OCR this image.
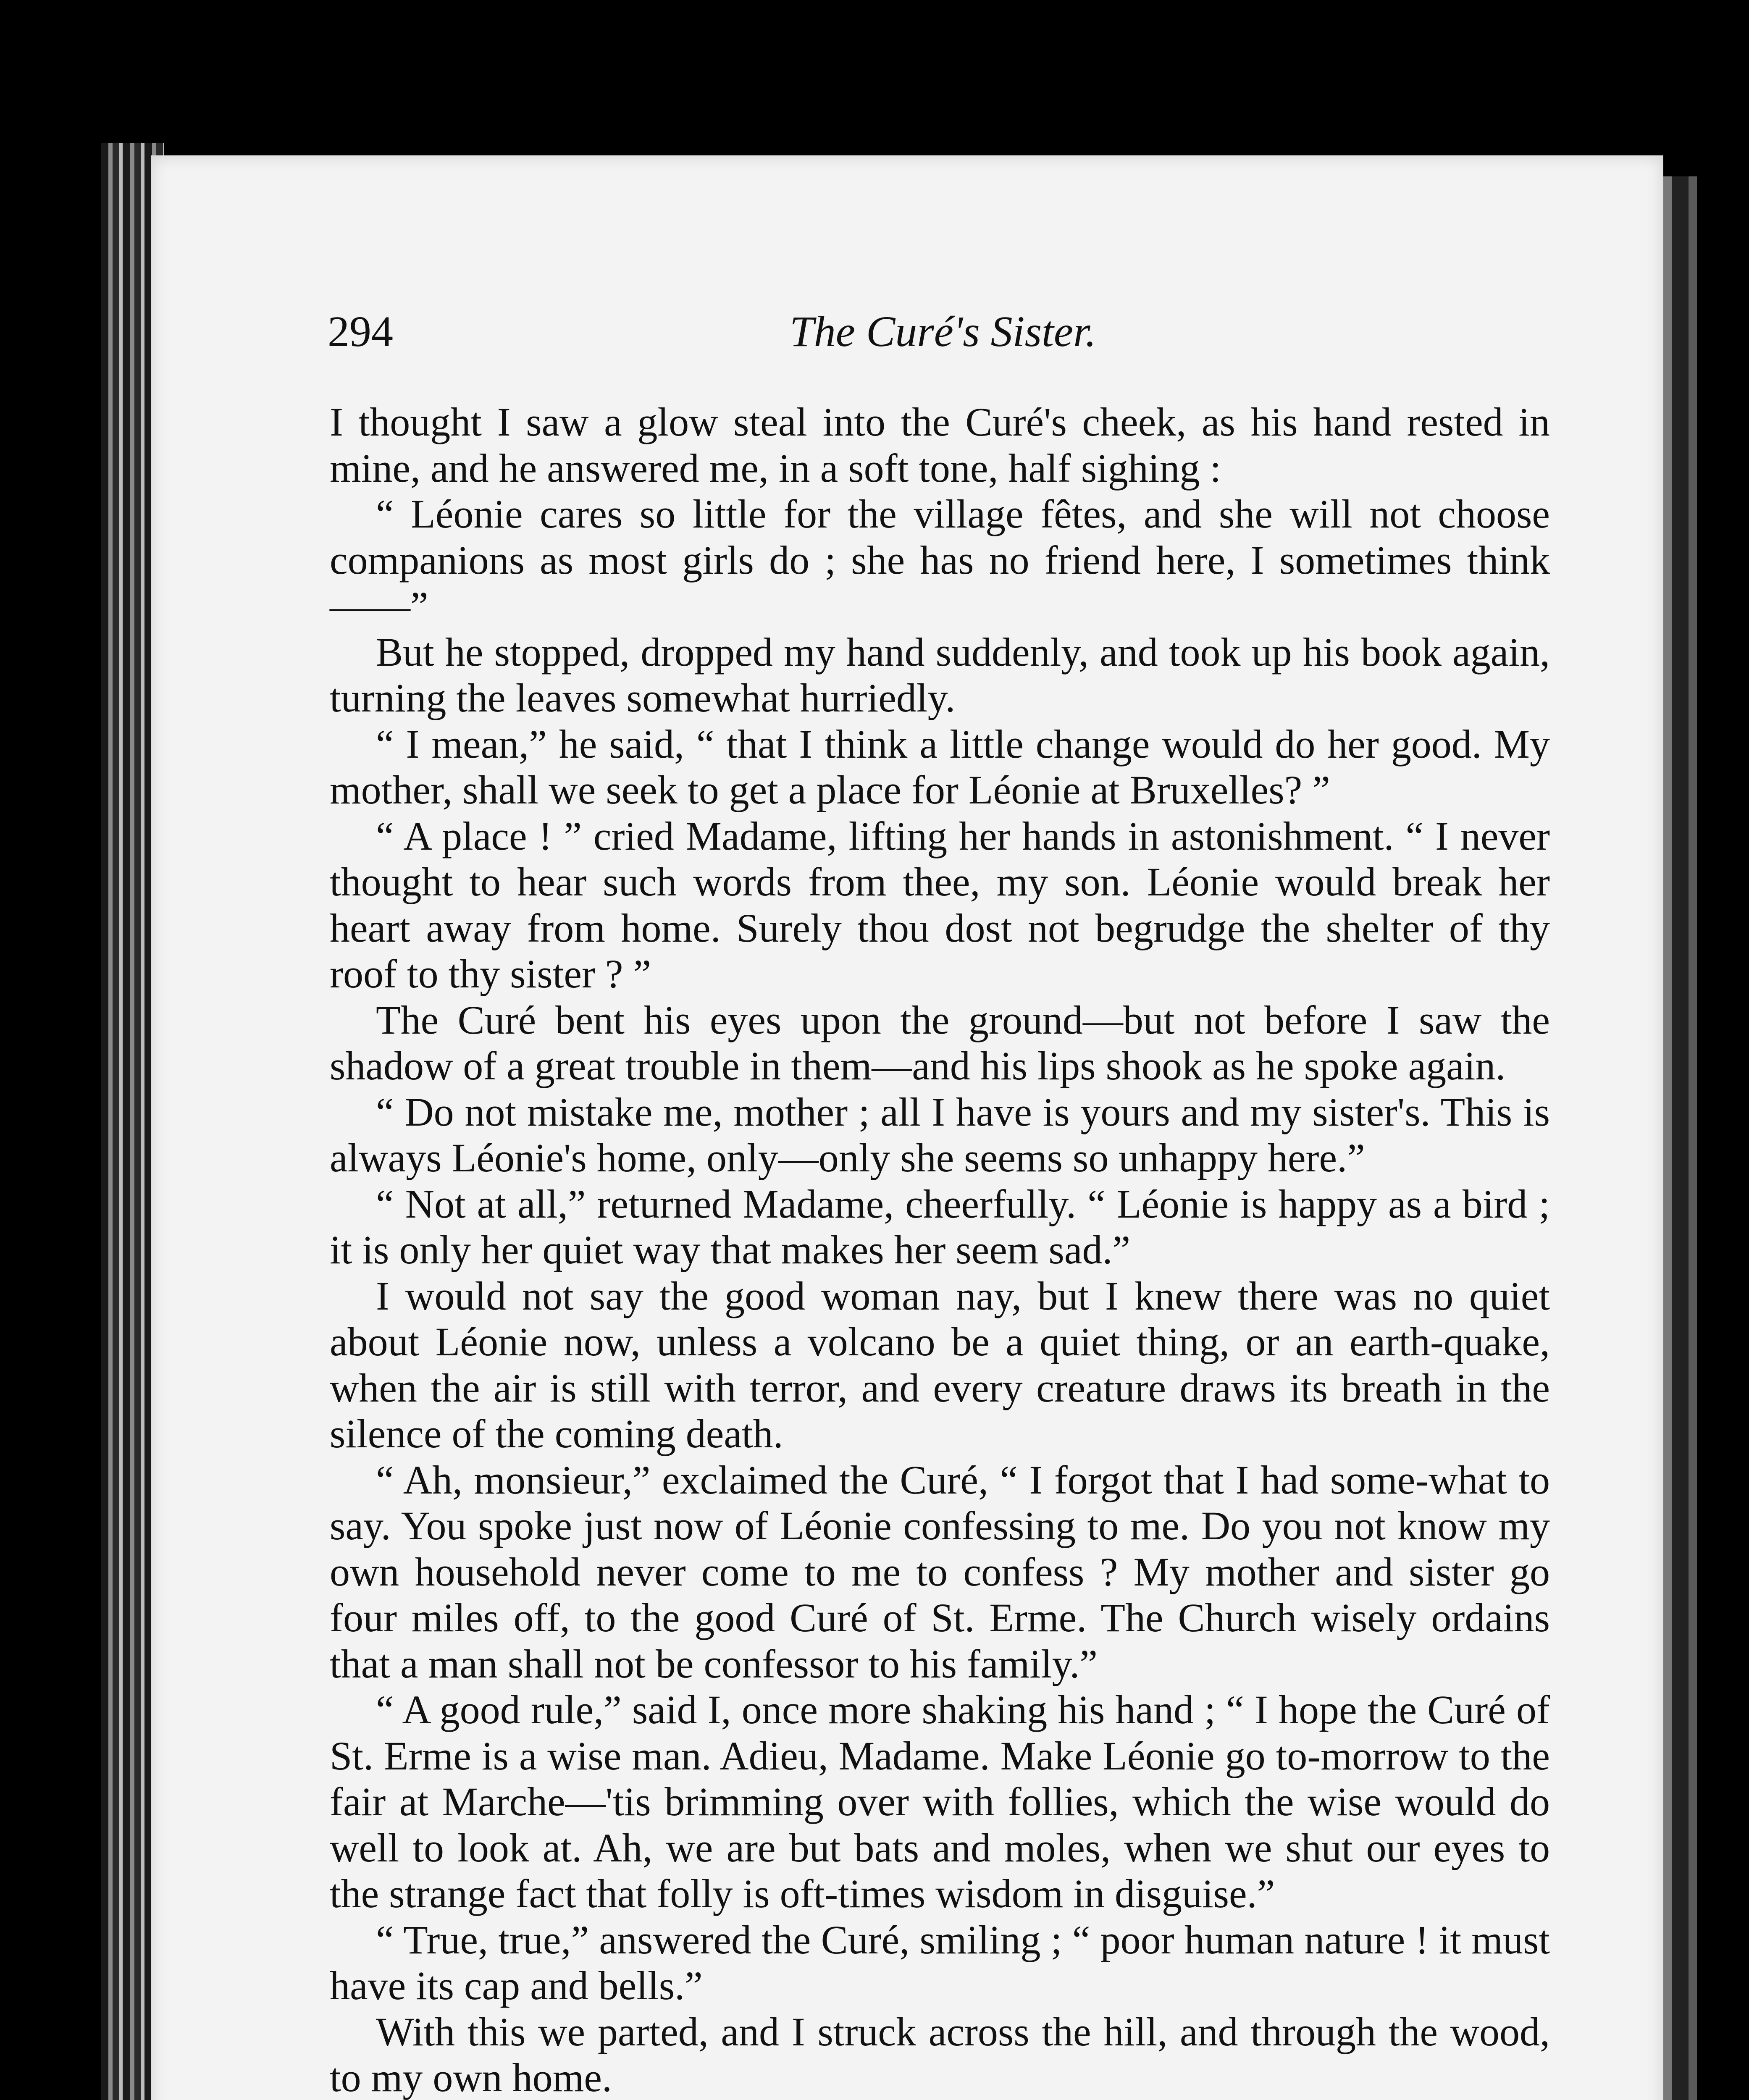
294	The Curé's Sister.

I thought I saw a glow steal into the Curé's cheek, as his hand rested in mine, and he answered me, in a soft tone, half sighing :

“ Léonie cares so little for the village fêtes, and she will not choose companions as most girls do ; she has no friend here, I sometimes think ——”

But he stopped, dropped my hand suddenly, and took up his book again, turning the leaves somewhat hurriedly.

“ I mean,” he said, “ that I think a little change would do her good. My mother, shall we seek to get a place for Léonie at Bruxelles? ”

“ A place ! ” cried Madame, lifting her hands in astonishment. “ I never thought to hear such words from thee, my son. Léonie would break her heart away from home. Surely thou dost not begrudge the shelter of thy roof to thy sister ? ”

The Curé bent his eyes upon the ground—but not before I saw the shadow of a great trouble in them—and his lips shook as he spoke again.

“ Do not mistake me, mother ; all I have is yours and my sister's. This is always Léonie's home, only—only she seems so unhappy here.”

“ Not at all,” returned Madame, cheerfully. “ Léonie is happy as a bird ; it is only her quiet way that makes her seem sad.”

I would not say the good woman nay, but I knew there was no quiet about Léonie now, unless a volcano be a quiet thing, or an earth-quake, when the air is still with terror, and every creature draws its breath in the silence of the coming death.

“ Ah, monsieur,” exclaimed the Curé, “ I forgot that I had some-what to say. You spoke just now of Léonie confessing to me. Do you not know my own household never come to me to confess ? My mother and sister go four miles off, to the good Curé of St. Erme. The Church wisely ordains that a man shall not be confessor to his family.”

“ A good rule,” said I, once more shaking his hand ; “ I hope the Curé of St. Erme is a wise man. Adieu, Madame. Make Léonie go to-morrow to the fair at Marche—'tis brimming over with follies, which the wise would do well to look at. Ah, we are but bats and moles, when we shut our eyes to the strange fact that folly is oft-times wisdom in disguise.”

“ True, true,” answered the Curé, smiling ; “ poor human nature ! it must have its cap and bells.”

With this we parted, and I struck across the hill, and through the wood, to my own home.
